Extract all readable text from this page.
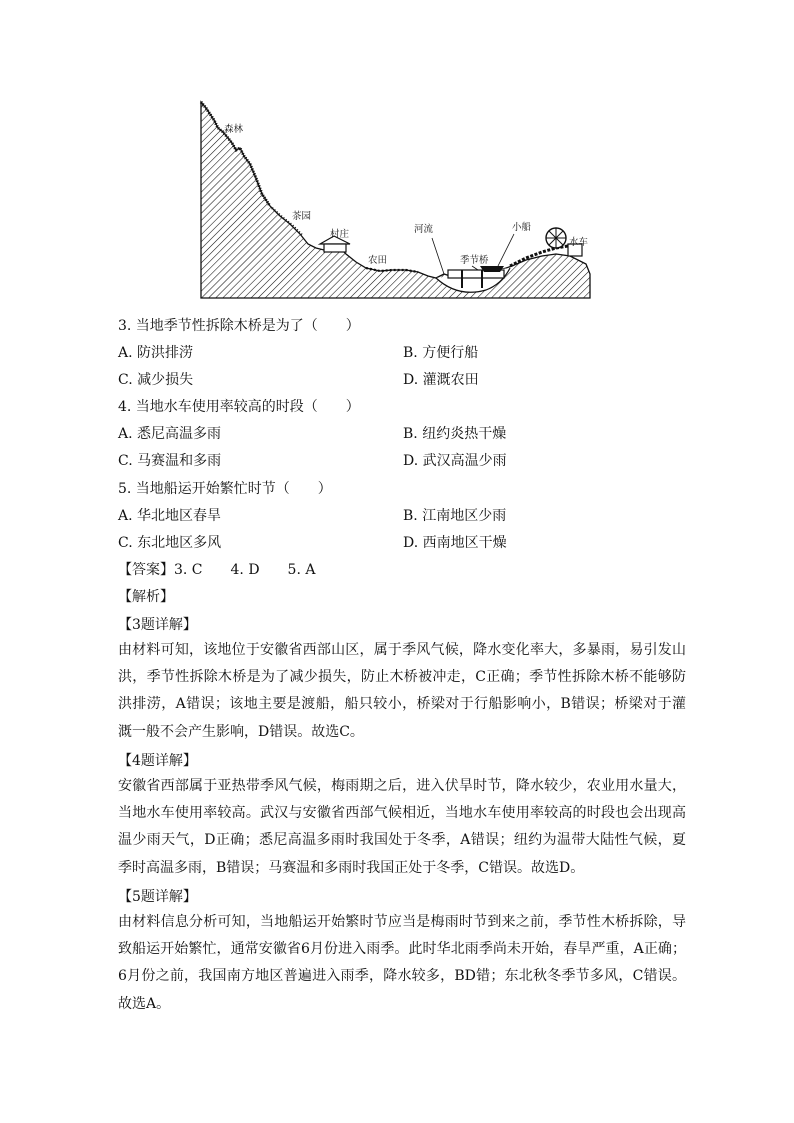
森林
茶园
村庄
农田
河流	小船
季节桥
水车
3. 当地季节性拆除木桥是为了（　　）
A. 防洪排涝	B. 方便行船
C. 减少损失	D. 灌溉农田
4. 当地水车使用率较高的时段（　　）
A. 悉尼高温多雨	B. 纽约炎热干燥
C. 马赛温和多雨	D. 武汉高温少雨
5. 当地船运开始繁忙时节（　　）
A. 华北地区春旱	B. 江南地区少雨
C. 东北地区多风	D. 西南地区干燥
【答案】3. C　　4. D　　5. A
【解析】
【3题详解】
由材料可知，该地位于安徽省西部山区，属于季风气候，降水变化率大，多暴雨，易引发山
洪，季节性拆除木桥是为了减少损失，防止木桥被冲走，C正确；季节性拆除木桥不能够防
洪排涝，A错误；该地主要是渡船，船只较小，桥梁对于行船影响小，B错误；桥梁对于灌
溉一般不会产生影响，D错误。故选C。
【4题详解】
安徽省西部属于亚热带季风气候，梅雨期之后，进入伏旱时节，降水较少，农业用水量大，
当地水车使用率较高。武汉与安徽省西部气候相近，当地水车使用率较高的时段也会出现高
温少雨天气，D正确；悉尼高温多雨时我国处于冬季，A错误；纽约为温带大陆性气候，夏
季时高温多雨，B错误；马赛温和多雨时我国正处于冬季，C错误。故选D。
【5题详解】
由材料信息分析可知，当地船运开始繁时节应当是梅雨时节到来之前，季节性木桥拆除，导
致船运开始繁忙，通常安徽省6月份进入雨季。此时华北雨季尚未开始，春旱严重，A正确；
6月份之前，我国南方地区普遍进入雨季，降水较多，BD错；东北秋冬季节多风，C错误。
故选A。
